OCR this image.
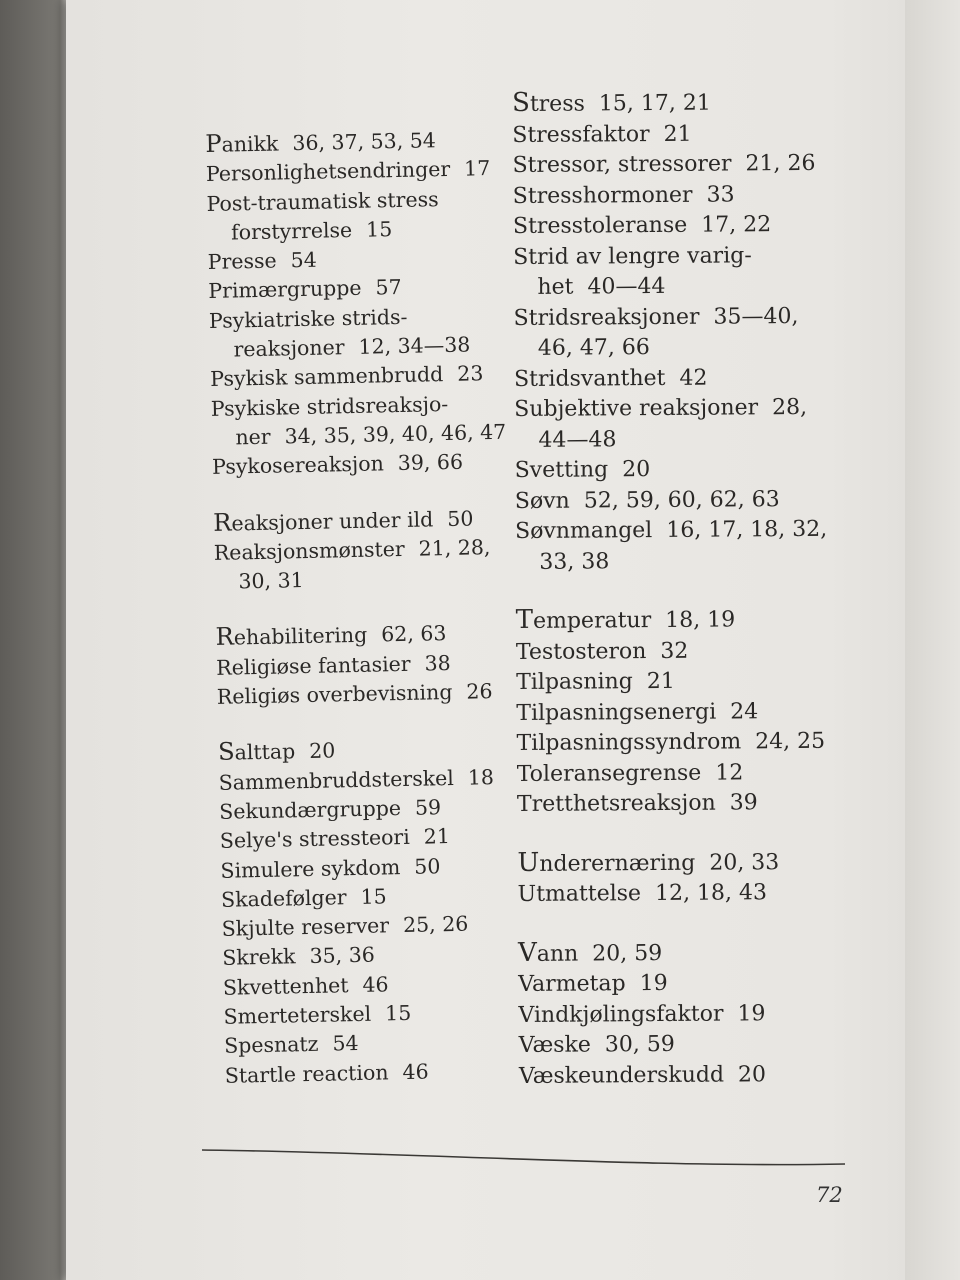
Panikk 36, 37, 53, 54
Personlighetsendringer 17
Post-traumatisk stress
forstyrrelse 15
Presse 54
Primærgruppe 57
Psykiatriske strids-
reaksjoner 12, 34—38
Psykisk sammenbrudd 23
Psykiske stridsreaksjo-
ner 34, 35, 39, 40, 46, 47
Psykosereaksjon 39, 66
Reaksjoner under ild 50
Reaksjonsmønster 21, 28,
30, 31
Rehabilitering 62, 63
Religiøse fantasier 38
Religiøs overbevisning 26
Salttap 20
Sammenbruddsterskel 18
Sekundærgruppe 59
Selye's stressteori 21
Simulere sykdom 50
Skadefølger 15
Skjulte reserver 25, 26
Skrekk 35, 36
Skvettenhet 46
Smerteterskel 15
Spesnatz 54
Startle reaction 46
Stress 15, 17, 21
Stressfaktor 21
Stressor, stressorer 21, 26
Stresshormoner 33
Stresstoleranse 17, 22
Strid av lengre varig-
het 40—44
Stridsreaksjoner 35—40,
46, 47, 66
Stridsvanthet 42
Subjektive reaksjoner 28,
44—48
Svetting 20
Søvn 52, 59, 60, 62, 63
Søvnmangel 16, 17, 18, 32,
33, 38
Temperatur 18, 19
Testosteron 32
Tilpasning 21
Tilpasningsenergi 24
Tilpasningssyndrom 24, 25
Toleransegrense 12
Tretthetsreaksjon 39
Underernæring 20, 33
Utmattelse 12, 18, 43
Vann 20, 59
Varmetap 19
Vindkjølingsfaktor 19
Væske 30, 59
Væskeunderskudd 20
72
